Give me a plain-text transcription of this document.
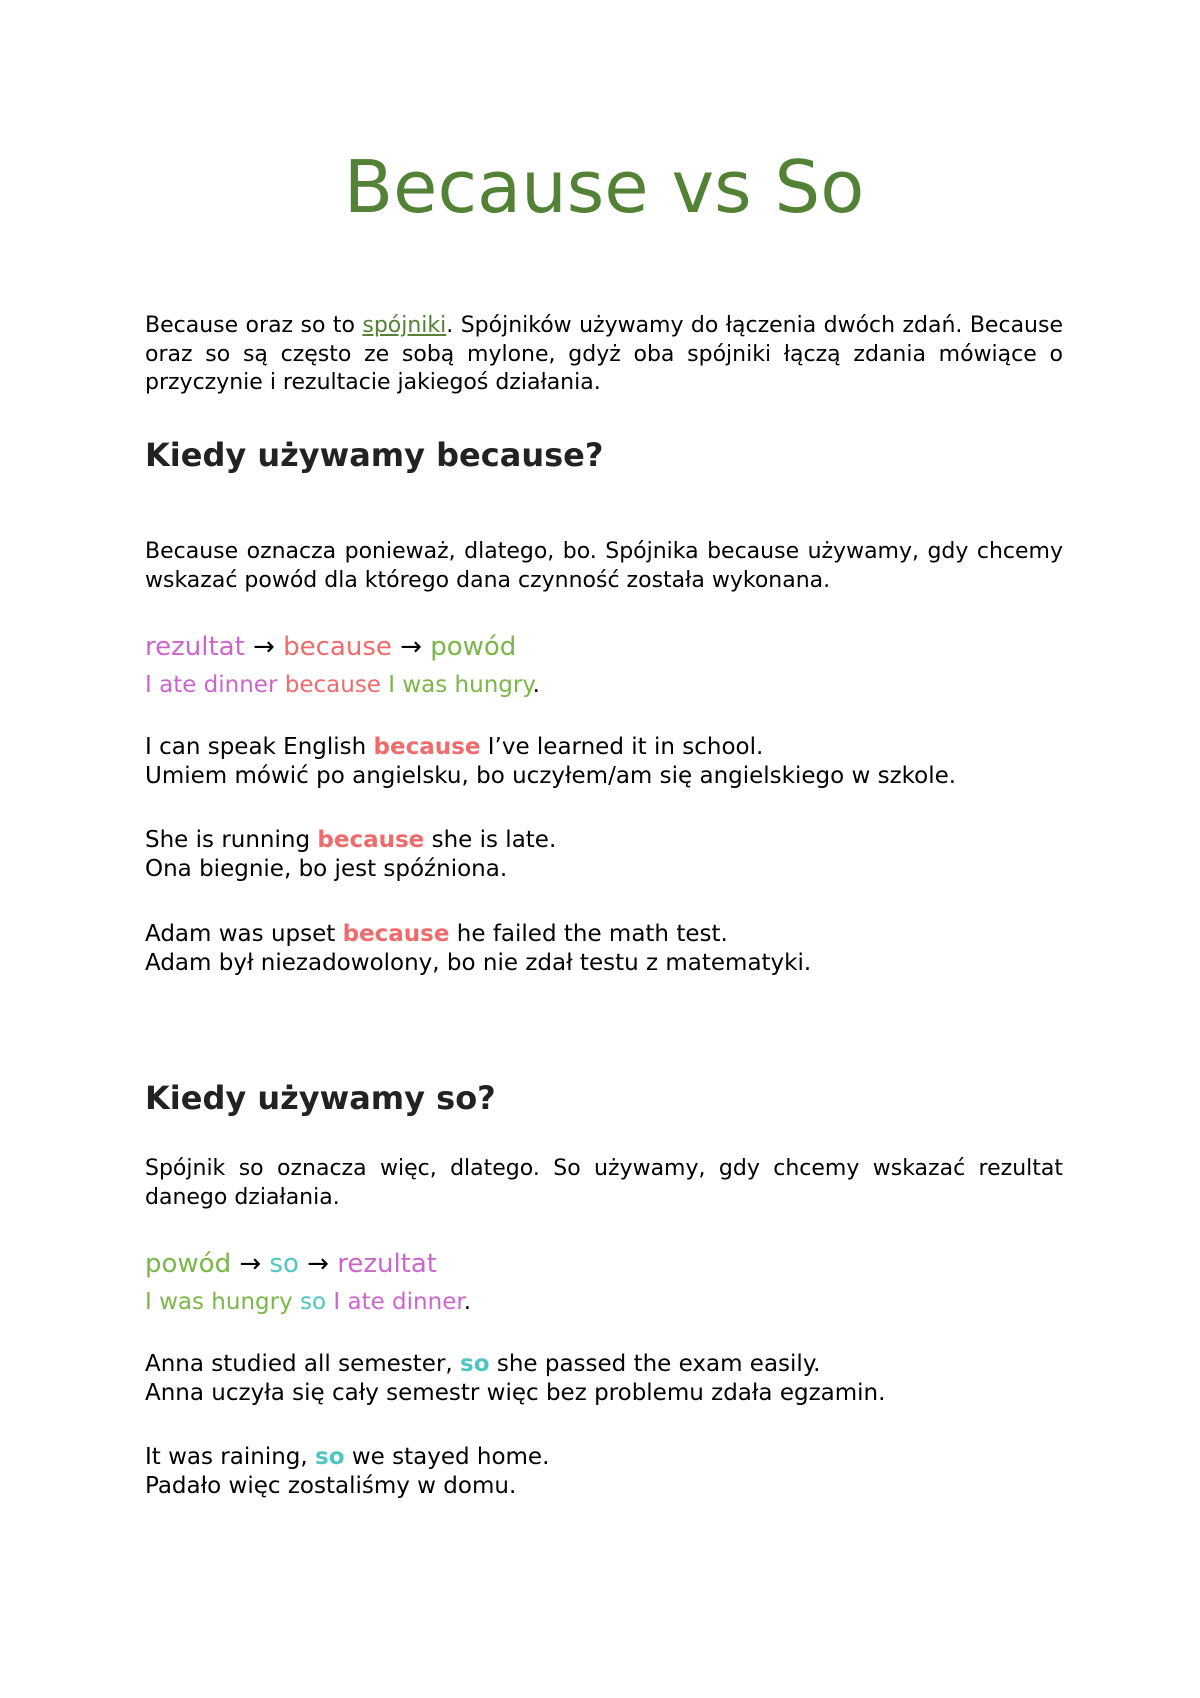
Because vs So

Because oraz so to spójniki. Spójników używamy do łączenia dwóch zdań. Because oraz so są często ze sobą mylone, gdyż oba spójniki łączą zdania mówiące o przyczynie i rezultacie jakiegoś działania.

Kiedy używamy because?

Because oznacza ponieważ, dlatego, bo. Spójnika because używamy, gdy chcemy wskazać powód dla którego dana czynność została wykonana.

rezultat → because → powód

I ate dinner because I was hungry.

I can speak English because I’ve learned it in school.
Umiem mówić po angielsku, bo uczyłem/am się angielskiego w szkole.
She is running because she is late.
Ona biegnie, bo jest spóźniona.
Adam was upset because he failed the math test.
Adam był niezadowolony, bo nie zdał testu z matematyki.
Kiedy używamy so?

Spójnik so oznacza więc, dlatego. So używamy, gdy chcemy wskazać rezultat danego działania.

powód → so → rezultat

I was hungry so I ate dinner.

Anna studied all semester, so she passed the exam easily.
Anna uczyła się cały semestr więc bez problemu zdała egzamin.
It was raining, so we stayed home.
Padało więc zostaliśmy w domu.
